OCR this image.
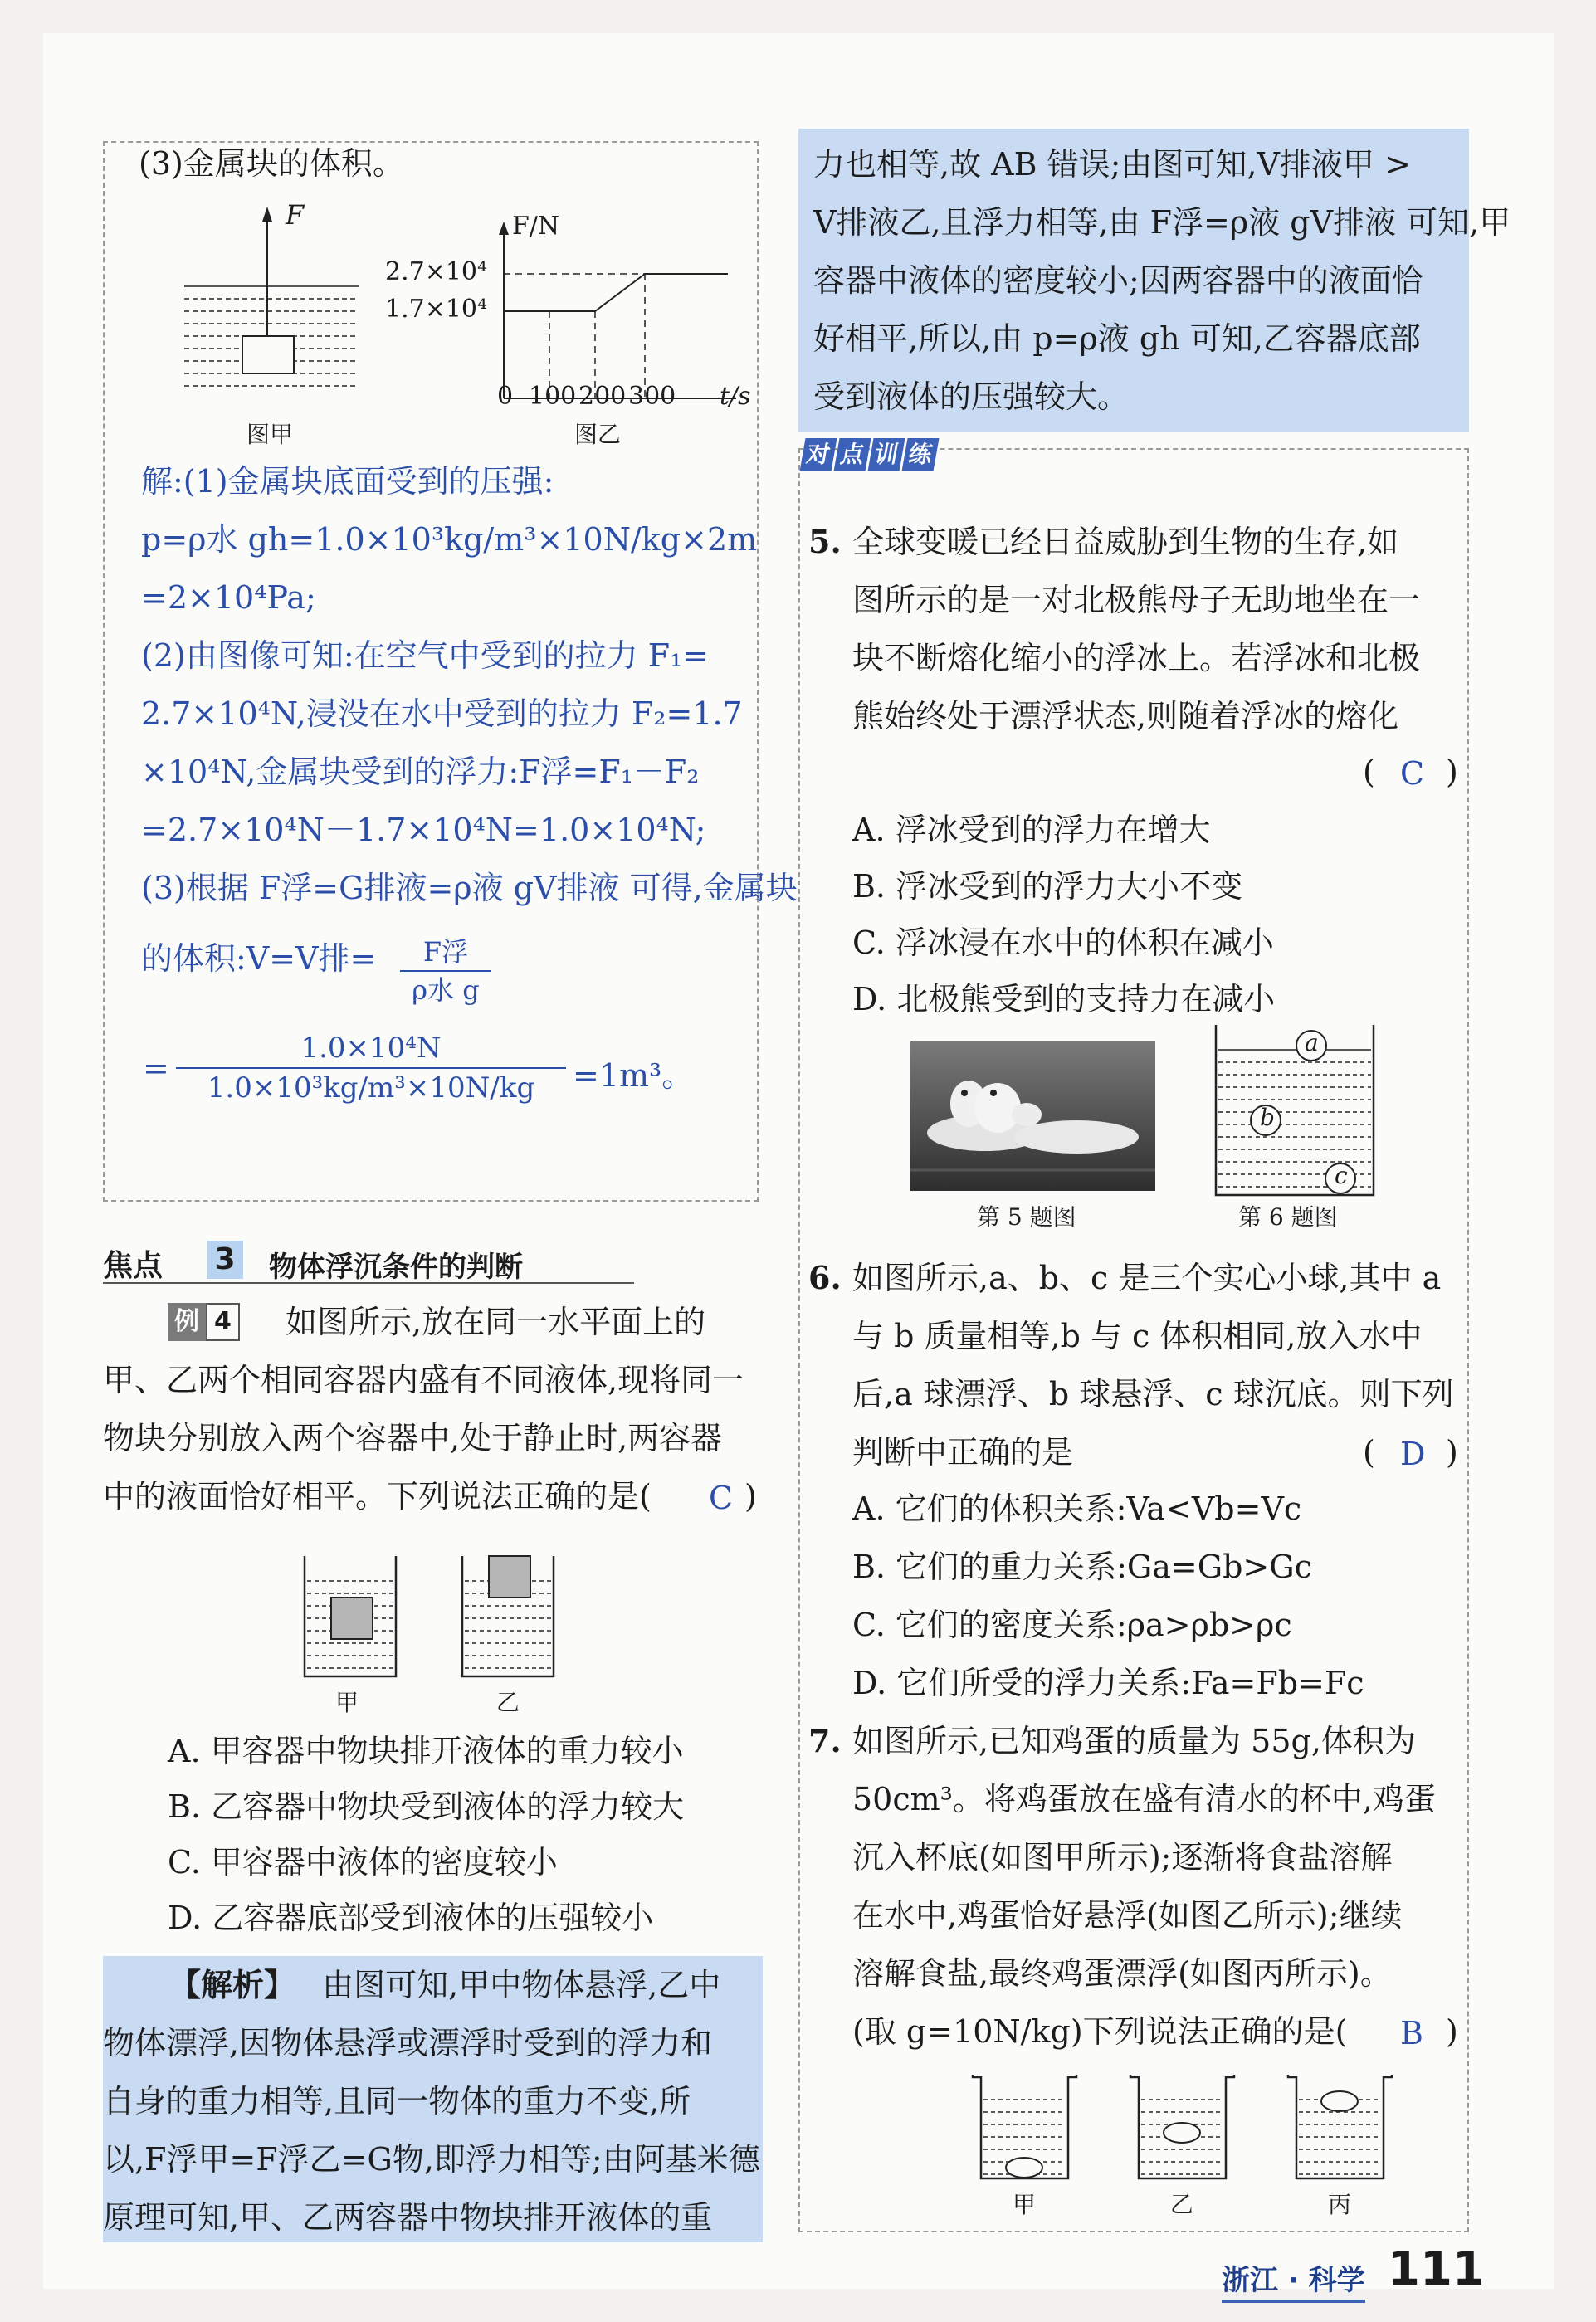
(3)金属块的体积。
F
图甲
F/N
2.7×10⁴
1.7×10⁴
0 100 200 300 t/s
图乙
解:(1)金属块底面受到的压强:
p=ρ水 gh=1.0×10³kg/m³×10N/kg×2m
=2×10⁴Pa;
(2)由图像可知:在空气中受到的拉力 F₁=
2.7×10⁴N,浸没在水中受到的拉力 F₂=1.7
×10⁴N,金属块受到的浮力:F浮=F₁－F₂
=2.7×10⁴N－1.7×10⁴N=1.0×10⁴N;
(3)根据 F浮=G排液=ρ液 gV排液 可得,金属块
的体积:V=V排=	F浮
ρ水 g
= $\frac{\text{1.0×10⁴N}}{\text{1.0×10³kg/m³×10N/kg}} =1m^3$。
焦点 3 物体浮沉条件的判断
例 4 如图所示,放在同一水平面上的
甲、乙两个相同容器内盛有不同液体,现将同一
物块分别放入两个容器中,处于静止时,两容器
中的液面恰好相平。下列说法正确的是( C )
甲	乙
A. 甲容器中物块排开液体的重力较小
B. 乙容器中物块受到液体的浮力较大
C. 甲容器中液体的密度较小
D. 乙容器底部受到液体的压强较小
【解析】 由图可知,甲中物体悬浮,乙中
物体漂浮,因物体悬浮或漂浮时受到的浮力和
自身的重力相等,且同一物体的重力不变,所
以,F浮甲=F浮乙=G物,即浮力相等;由阿基米德
原理可知,甲、乙两容器中物块排开液体的重
力也相等,故 AB 错误;由图可知,V排液甲 >
V排液乙,且浮力相等,由 F浮=ρ液 gV排液 可知,甲
容器中液体的密度较小;因两容器中的液面恰
好相平,所以,由 p=ρ液 gh 可知,乙容器底部
受到液体的压强较大。
对 点 训 练
5. 全球变暖已经日益威胁到生物的生存,如
图所示的是一对北极熊母子无助地坐在一
块不断熔化缩小的浮冰上。若浮冰和北极
熊始终处于漂浮状态,则随着浮冰的熔化
( C )
A. 浮冰受到的浮力在增大
B. 浮冰受到的浮力大小不变
C. 浮冰浸在水中的体积在减小
D. 北极熊受到的支持力在减小
a
b
c
第 5 题图	第 6 题图
6. 如图所示,a、b、c 是三个实心小球,其中 a
与 b 质量相等,b 与 c 体积相同,放入水中
后,a 球漂浮、b 球悬浮、c 球沉底。则下列
判断中正确的是	( D )
A. 它们的体积关系:Va<Vb=Vc
B. 它们的重力关系:Ga=Gb>Gc
C. 它们的密度关系:ρa>ρb>ρc
D. 它们所受的浮力关系:Fa=Fb=Fc
7. 如图所示,已知鸡蛋的质量为 55g,体积为
50cm³。将鸡蛋放在盛有清水的杯中,鸡蛋
沉入杯底(如图甲所示);逐渐将食盐溶解
在水中,鸡蛋恰好悬浮(如图乙所示);继续
溶解食盐,最终鸡蛋漂浮(如图丙所示)。
(取 g=10N/kg)下列说法正确的是( B )
甲	乙	丙
浙江 · 科学 111
